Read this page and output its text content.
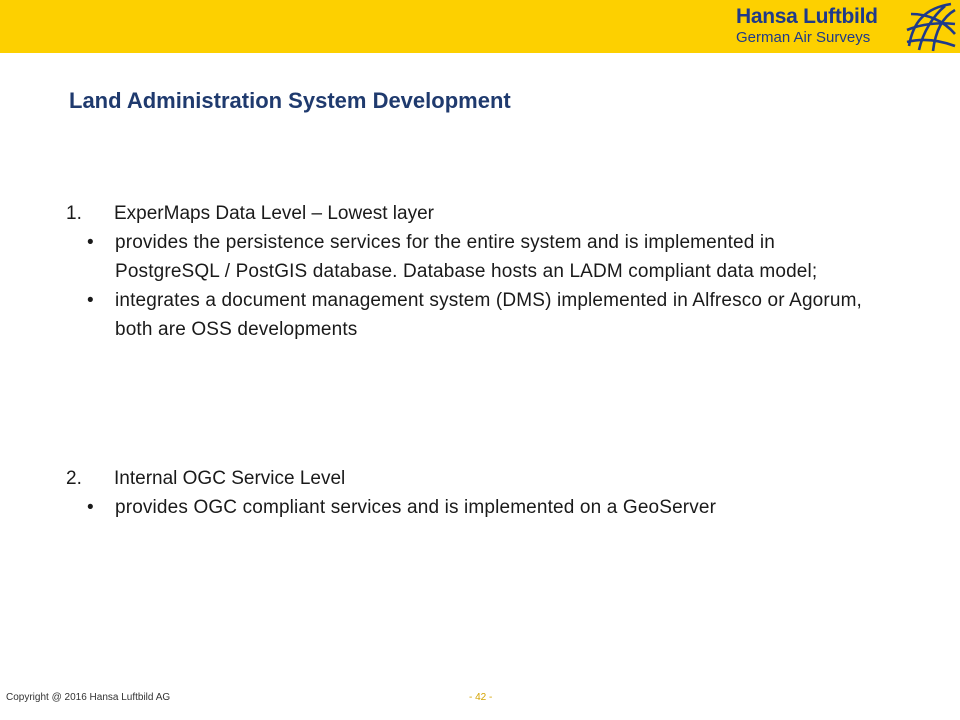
Hansa Luftbild
German Air Surveys
Land Administration System Development
1. ExperMaps Data Level – Lowest layer
• provides the persistence services for the entire system and is implemented in PostgreSQL / PostGIS database. Database hosts an LADM compliant data model;
• integrates a document management system (DMS) implemented in Alfresco or Agorum, both are OSS developments
2. Internal OGC Service Level
• provides OGC compliant services and is implemented on a GeoServer
Copyright @ 2016 Hansa Luftbild AG	- 42 -
